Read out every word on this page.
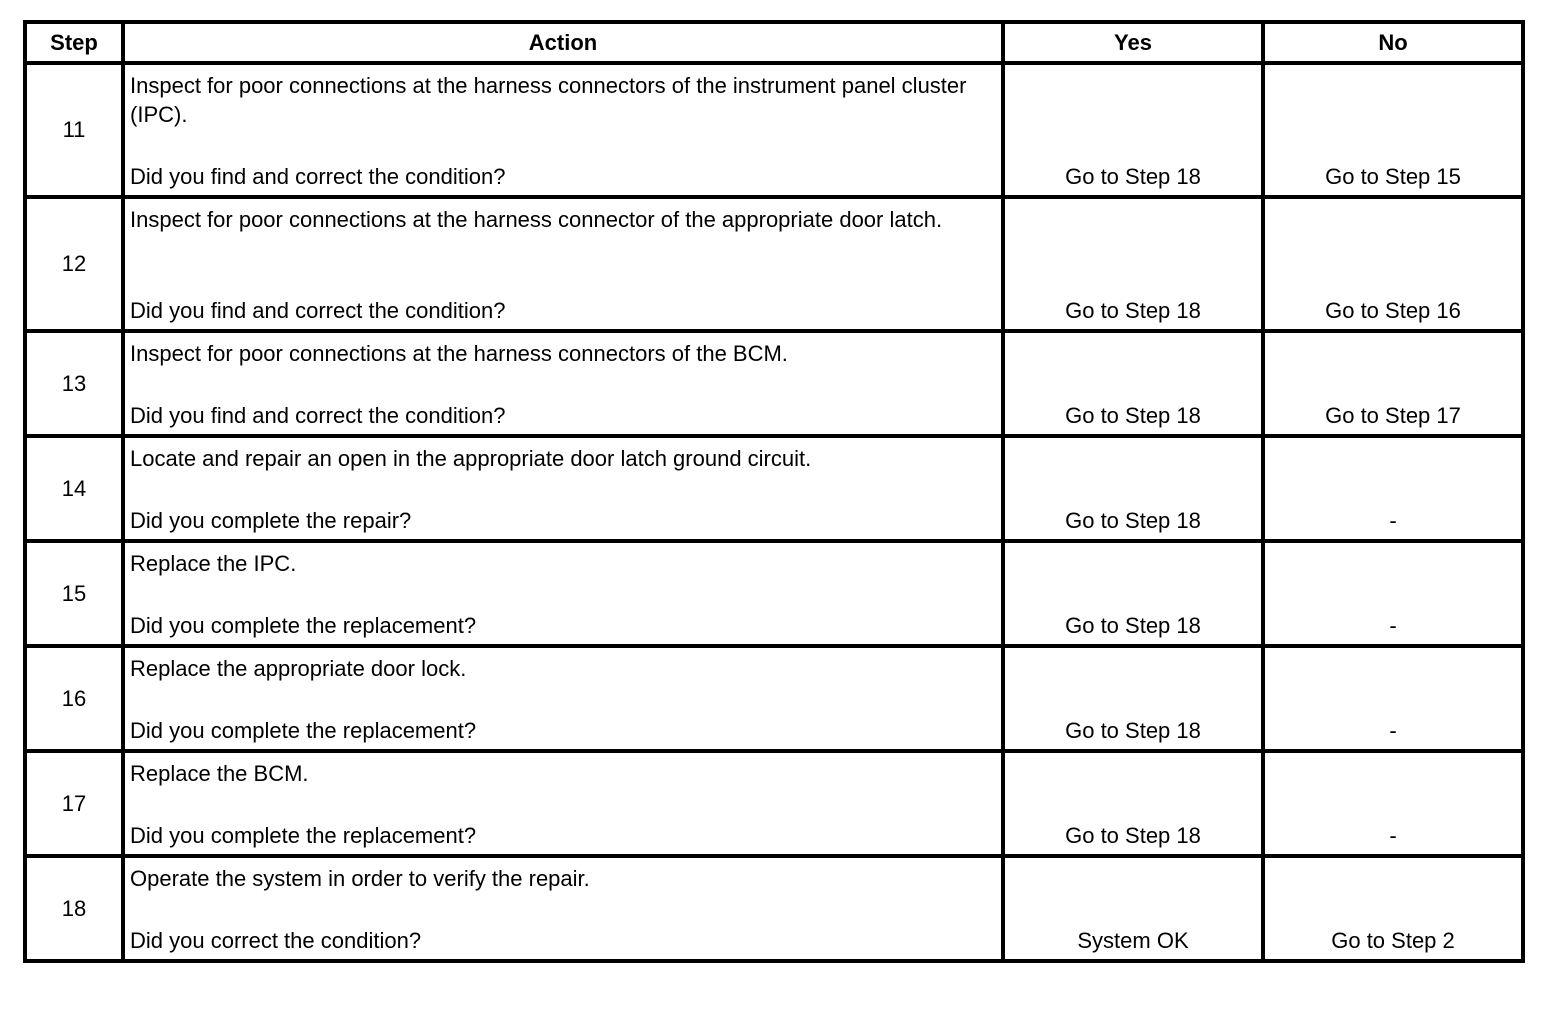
Step	Action	Yes	No
11	Inspect for poor connections at the harness connectors of the instrument panel cluster (IPC).
Did you find and correct the condition?	Go to Step 18	Go to Step 15

12	Inspect for poor connections at the harness connector of the appropriate door latch.
Did you find and correct the condition?	Go to Step 18	Go to Step 16

13	Inspect for poor connections at the harness connectors of the BCM.
Did you find and correct the condition?	Go to Step 18	Go to Step 17

14	Locate and repair an open in the appropriate door latch ground circuit.
Did you complete the repair?	Go to Step 18	-

15	Replace the IPC.
Did you complete the replacement?	Go to Step 18	-

16	Replace the appropriate door lock.
Did you complete the replacement?	Go to Step 18	-

17	Replace the BCM.
Did you complete the replacement?	Go to Step 18	-

18	Operate the system in order to verify the repair.
Did you correct the condition?	System OK	Go to Step 2
